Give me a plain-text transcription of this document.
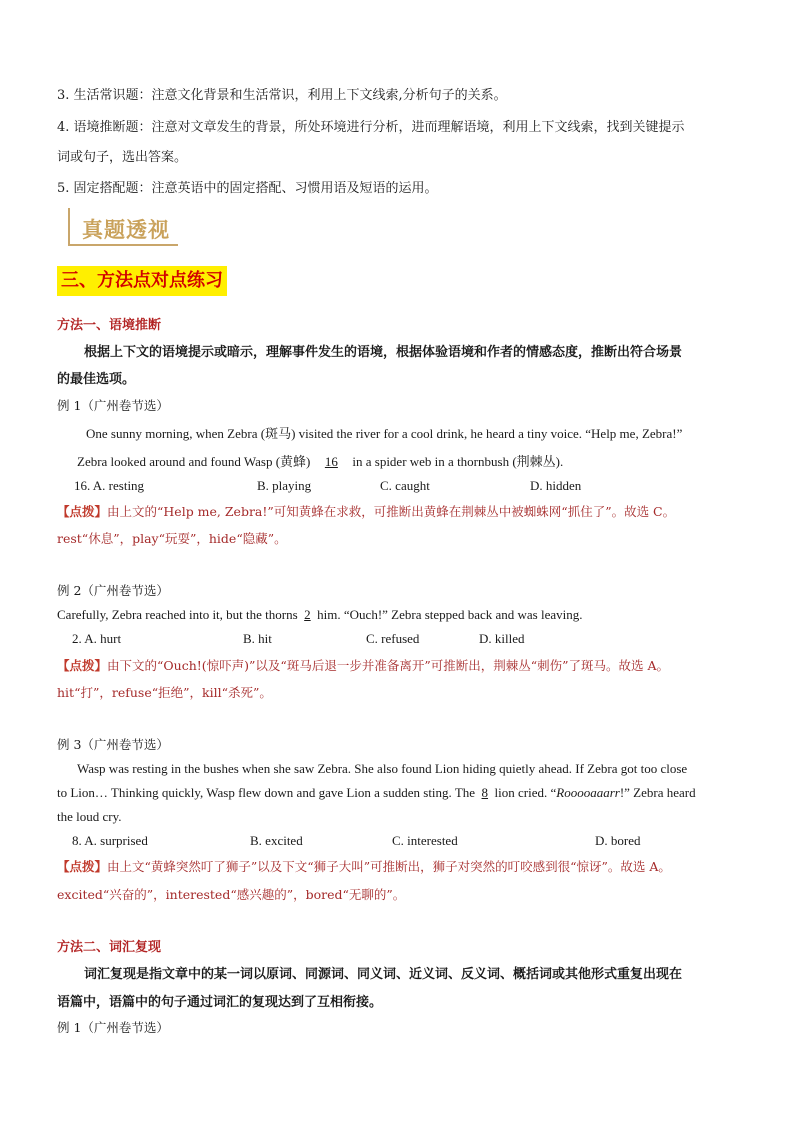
3. 生活常识题：注意文化背景和生活常识，利用上下文线索,分析句子的关系。
4. 语境推断题：注意对文章发生的背景，所处环境进行分析，进而理解语境，利用上下文线索，找到关键提示
词或句子，选出答案。
5. 固定搭配题：注意英语中的固定搭配、习惯用语及短语的运用。
真题透视
三、方法点对点练习
方法一、语境推断
根据上下文的语境提示或暗示，理解事件发生的语境，根据体验语境和作者的情感态度，推断出符合场景
的最佳选项。
例 1（广州卷节选）
One sunny morning, when Zebra (斑马) visited the river for a cool drink, he heard a tiny voice. “Help me, Zebra!”
Zebra looked around and found Wasp (黄蜂) 16 in a spider web in a thornbush (荆棘丛).
16. A. resting	B. playing	C. caught	D. hidden
【点拨】由上文的“Help me, Zebra!”可知黄蜂在求救，可推断出黄蜂在荆棘丛中被蜘蛛网“抓住了”。故选 C。
rest“休息”，play“玩耍”，hide“隐藏”。
例 2（广州卷节选）
Carefully, Zebra reached into it, but the thorns 2 him. “Ouch!” Zebra stepped back and was leaving.
2. A. hurt	B. hit	C. refused	D. killed
【点拨】由下文的“Ouch!(惊吓声)”以及“斑马后退一步并准备离开”可推断出，荆棘丛“刺伤”了斑马。故选 A。
hit“打”，refuse“拒绝”，kill“杀死”。
例 3（广州卷节选）
Wasp was resting in the bushes when she saw Zebra. She also found Lion hiding quietly ahead. If Zebra got too close
to Lion… Thinking quickly, Wasp flew down and gave Lion a sudden sting. The 8 lion cried. “Rooooaaarr!” Zebra heard
the loud cry.
8. A. surprised	B. excited	C. interested	D. bored
【点拨】由上文“黄蜂突然叮了狮子”以及下文“狮子大叫”可推断出，狮子对突然的叮咬感到很“惊讶”。故选 A。
excited“兴奋的”，interested“感兴趣的”，bored“无聊的”。
方法二、词汇复现
词汇复现是指文章中的某一词以原词、同源词、同义词、近义词、反义词、概括词或其他形式重复出现在
语篇中，语篇中的句子通过词汇的复现达到了互相衔接。
例 1（广州卷节选）
